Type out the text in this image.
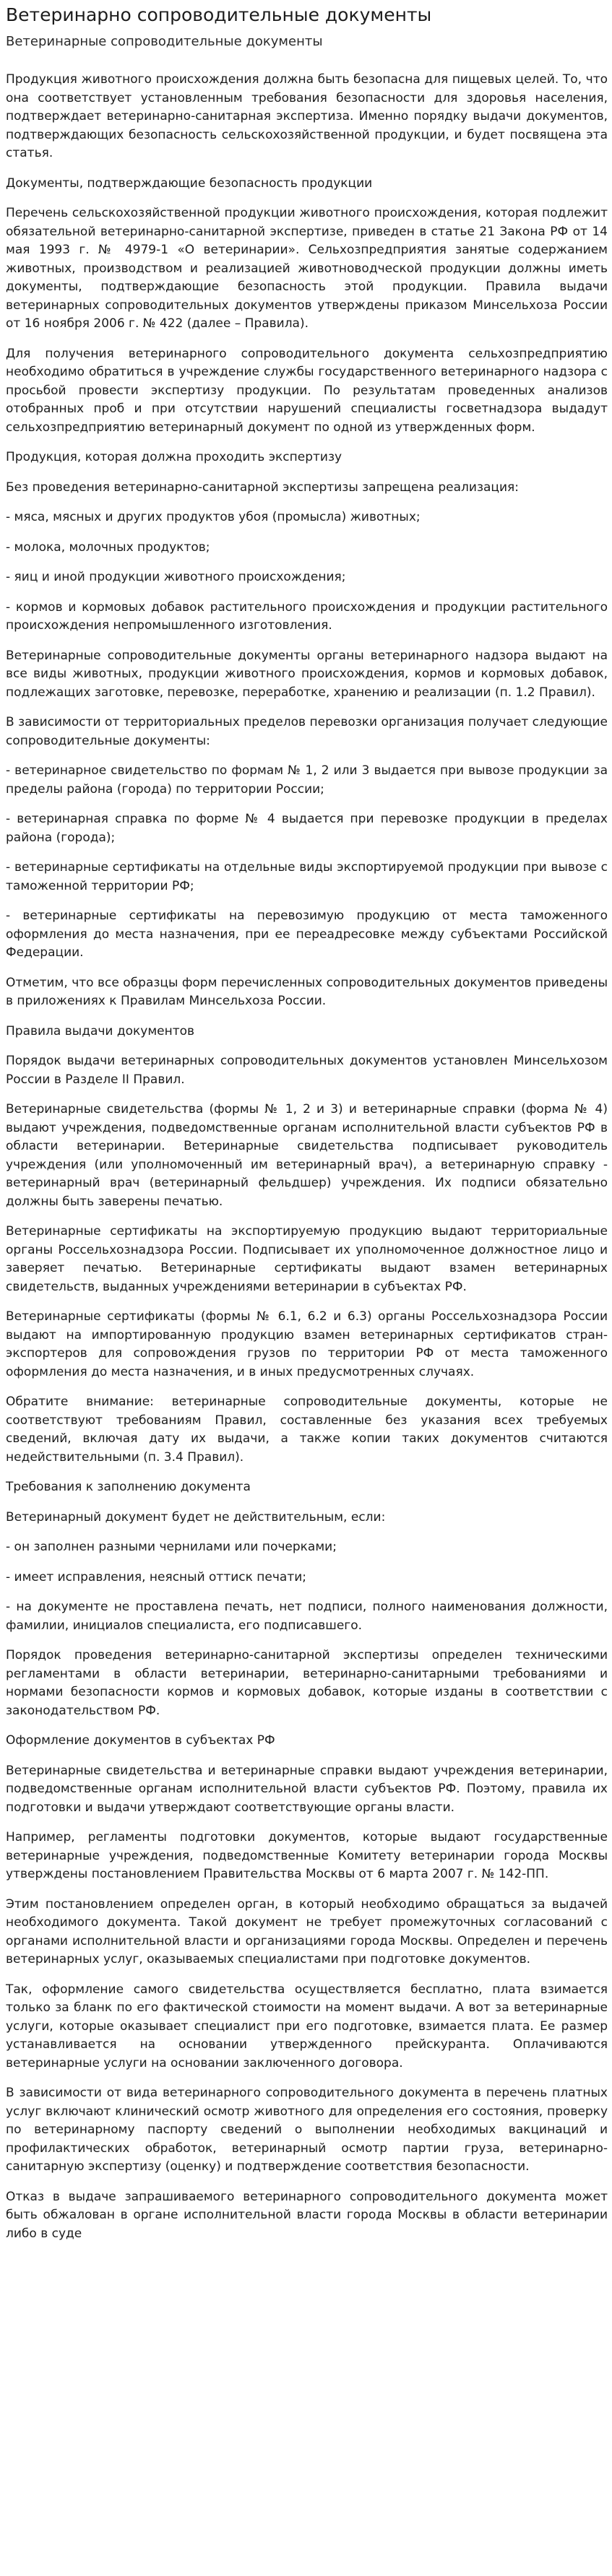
Ветеринарно сопроводительные документы
Ветеринарные сопроводительные документы

Продукция животного происхождения должна быть безопасна для пищевых целей. То, что она соответствует установленным требования безопасности для здоровья населения, подтверждает ветеринарно-санитарная экспертиза. Именно порядку выдачи документов, подтверждающих безопасность сельскохозяйственной продукции, и будет посвящена эта статья.

Документы, подтверждающие безопасность продукции

Перечень сельскохозяйственной продукции животного происхождения, которая подлежит обязательной ветеринарно-санитарной экспертизе, приведен в статье 21 Закона РФ от 14 мая 1993 г. № 4979-1 «О ветеринарии». Сельхозпредприятия занятые содержанием животных, производством и реализацией животноводческой продукции должны иметь документы, подтверждающие безопасность этой продукции. Правила выдачи ветеринарных сопроводительных документов утверждены приказом Минсельхоза России от 16 ноября 2006 г. № 422 (далее – Правила).

Для получения ветеринарного сопроводительного документа сельхозпредприятию необходимо обратиться в учреждение службы государственного ветеринарного надзора с просьбой провести экспертизу продукции. По результатам проведенных анализов отобранных проб и при отсутствии нарушений специалисты госветнадзора выдадут сельхозпредприятию ветеринарный документ по одной из утвержденных форм.

Продукция, которая должна проходить экспертизу

Без проведения ветеринарно-санитарной экспертизы запрещена реализация:

- мяса, мясных и других продуктов убоя (промысла) животных;

- молока, молочных продуктов;

- яиц и иной продукции животного происхождения;

- кормов и кормовых добавок растительного происхождения и продукции растительного происхождения непромышленного изготовления.

Ветеринарные сопроводительные документы органы ветеринарного надзора выдают на все виды животных, продукции животного происхождения, кормов и кормовых добавок, подлежащих заготовке, перевозке, переработке, хранению и реализации (п. 1.2 Правил).

В зависимости от территориальных пределов перевозки организация получает следующие сопроводительные документы:

- ветеринарное свидетельство по формам № 1, 2 или 3 выдается при вывозе продукции за пределы района (города) по территории России;

- ветеринарная справка по форме № 4 выдается при перевозке продукции в пределах района (города);

- ветеринарные сертификаты на отдельные виды экспортируемой продукции при вывозе с таможенной территории РФ;

- ветеринарные сертификаты на перевозимую продукцию от места таможенного оформления до места назначения, при ее переадресовке между субъектами Российской Федерации.

Отметим, что все образцы форм перечисленных сопроводительных документов приведены в приложениях к Правилам Минсельхоза России.

Правила выдачи документов

Порядок выдачи ветеринарных сопроводительных документов установлен Минсельхозом России в Разделе II Правил.

Ветеринарные свидетельства (формы № 1, 2 и 3) и ветеринарные справки (форма № 4) выдают учреждения, подведомственные органам исполнительной власти субъектов РФ в области ветеринарии. Ветеринарные свидетельства подписывает руководитель учреждения (или уполномоченный им ветеринарный врач), а ветеринарную справку - ветеринарный врач (ветеринарный фельдшер) учреждения. Их подписи обязательно должны быть заверены печатью.

Ветеринарные сертификаты на экспортируемую продукцию выдают территориальные органы Россельхознадзора России. Подписывает их уполномоченное должностное лицо и заверяет печатью. Ветеринарные сертификаты выдают взамен ветеринарных свидетельств, выданных учреждениями ветеринарии в субъектах РФ.

Ветеринарные сертификаты (формы № 6.1, 6.2 и 6.3) органы Россельхознадзора России выдают на импортированную продукцию взамен ветеринарных сертификатов стран-экспортеров для сопровождения грузов по территории РФ от места таможенного оформления до места назначения, и в иных предусмотренных случаях.

Обратите внимание: ветеринарные сопроводительные документы, которые не соответствуют требованиям Правил, составленные без указания всех требуемых сведений, включая дату их выдачи, а также копии таких документов считаются недействительными (п. 3.4 Правил).

Требования к заполнению документа

Ветеринарный документ будет не действительным, если:

- он заполнен разными чернилами или почерками;

- имеет исправления, неясный оттиск печати;

- на документе не проставлена печать, нет подписи, полного наименования должности, фамилии, инициалов специалиста, его подписавшего.

Порядок проведения ветеринарно-санитарной экспертизы определен техническими регламентами в области ветеринарии, ветеринарно-санитарными требованиями и нормами безопасности кормов и кормовых добавок, которые изданы в соответствии с законодательством РФ.

Оформление документов в субъектах РФ

Ветеринарные свидетельства и ветеринарные справки выдают учреждения ветеринарии, подведомственные органам исполнительной власти субъектов РФ. Поэтому, правила их подготовки и выдачи утверждают соответствующие органы власти.

Например, регламенты подготовки документов, которые выдают государственные ветеринарные учреждения, подведомственные Комитету ветеринарии города Москвы утверждены постановлением Правительства Москвы от 6 марта 2007 г. № 142-ПП.

Этим постановлением определен орган, в который необходимо обращаться за выдачей необходимого документа. Такой документ не требует промежуточных согласований с органами исполнительной власти и организациями города Москвы. Определен и перечень ветеринарных услуг, оказываемых специалистами при подготовке документов.

Так, оформление самого свидетельства осуществляется бесплатно, плата взимается только за бланк по его фактической стоимости на момент выдачи. А вот за ветеринарные услуги, которые оказывает специалист при его подготовке, взимается плата. Ее размер устанавливается на основании утвержденного прейскуранта. Оплачиваются ветеринарные услуги на основании заключенного договора.

В зависимости от вида ветеринарного сопроводительного документа в перечень платных услуг включают клинический осмотр животного для определения его состояния, проверку по ветеринарному паспорту сведений о выполнении необходимых вакцинаций и профилактических обработок, ветеринарный осмотр партии груза, ветеринарно-санитарную экспертизу (оценку) и подтверждение соответствия безопасности.

Отказ в выдаче запрашиваемого ветеринарного сопроводительного документа может быть обжалован в органе исполнительной власти города Москвы в области ветеринарии либо в суде
